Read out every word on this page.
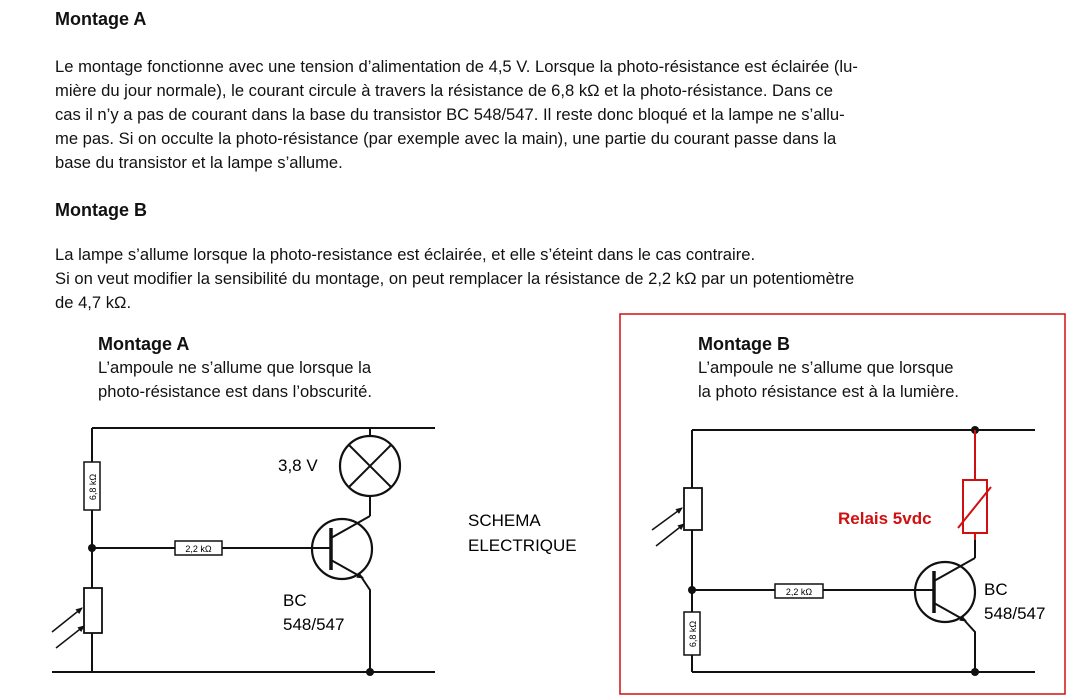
Montage A
Le montage fonctionne avec une tension d’alimentation de 4,5 V. Lorsque la photo-résistance est éclairée (lu-
mière du jour normale), le courant circule à travers la résistance de 6,8 kΩ et la photo-résistance. Dans ce
cas il n’y a pas de courant dans la base du transistor BC 548/547. Il reste donc bloqué et la lampe ne s’allu-
me pas. Si on occulte la photo-résistance (par exemple avec la main), une partie du courant passe dans la
base du transistor et la lampe s’allume.
Montage B
La lampe s’allume lorsque la photo-resistance est éclairée, et elle s’éteint dans le cas contraire.
Si on veut modifier la sensibilité du montage, on peut remplacer la résistance de 2,2 kΩ par un potentiomètre
de 4,7 kΩ.
Montage A
L’ampoule ne s’allume que lorsque la
photo-résistance est dans l’obscurité.
Montage B
L’ampoule ne s’allume que lorsque
la photo résistance est à la lumière.
6,8 kΩ
2,2 kΩ
3,8 V
BC
548/547
SCHEMA
ELECTRIQUE
6,8 kΩ
2,2 kΩ
Relais 5vdc
BC
548/547
